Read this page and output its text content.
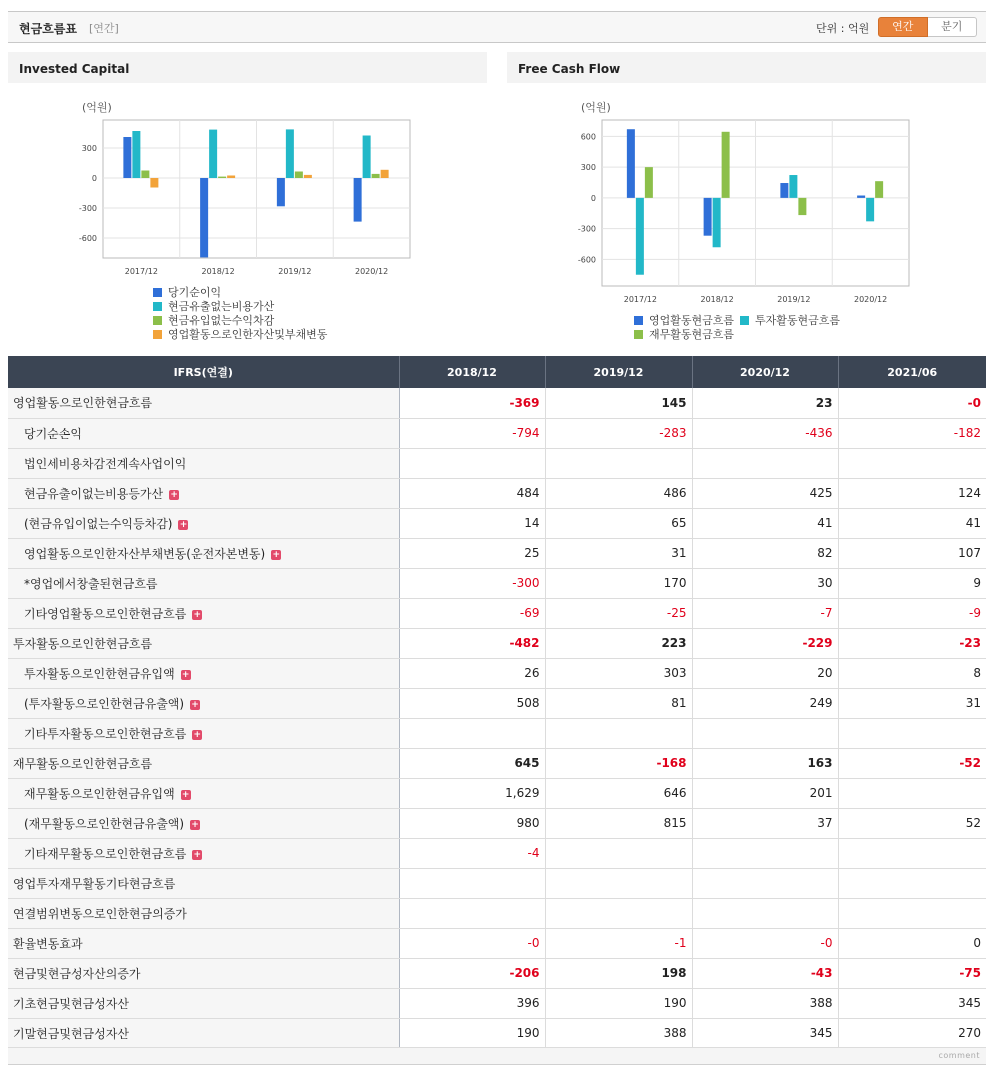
현금흐름표 [연간]	단위 : 억원	연간	분기
Invested Capital
(억원)
300
0
-300
-600
2017/12	2018/12	2019/12	2020/12
당기순이익
현금유출없는비용가산
현금유입없는수익차감
영업활동으로인한자산및부채변동
Free Cash Flow
(억원)
600
300
0
-300
-600
2017/12	2018/12	2019/12	2020/12
영업활동현금흐름 투자활동현금흐름
재무활동현금흐름
IFRS(연결)	2018/12	2019/12	2020/12	2021/06
영업활동으로인한현금흐름	-369	145	23	-0
당기순손익	-794	-283	-436	-182
법인세비용차감전계속사업이익				
현금유출이없는비용등가산 +	484	486	425	124
(현금유입이없는수익등차감) +	14	65	41	41
영업활동으로인한자산부채변동(운전자본변동) +	25	31	82	107
*영업에서창출된현금흐름	-300	170	30	9
기타영업활동으로인한현금흐름 +	-69	-25	-7	-9
투자활동으로인한현금흐름	-482	223	-229	-23
투자활동으로인한현금유입액 +	26	303	20	8
(투자활동으로인한현금유출액) +	508	81	249	31
기타투자활동으로인한현금흐름 +				
재무활동으로인한현금흐름	645	-168	163	-52
재무활동으로인한현금유입액 +	1,629	646	201	
(재무활동으로인한현금유출액) +	980	815	37	52
기타재무활동으로인한현금흐름 +	-4			
영업투자재무활동기타현금흐름				
연결범위변동으로인한현금의증가				
환율변동효과	-0	-1	-0	0
현금및현금성자산의증가	-206	198	-43	-75
기초현금및현금성자산	396	190	388	345
기말현금및현금성자산	190	388	345	270
comment
